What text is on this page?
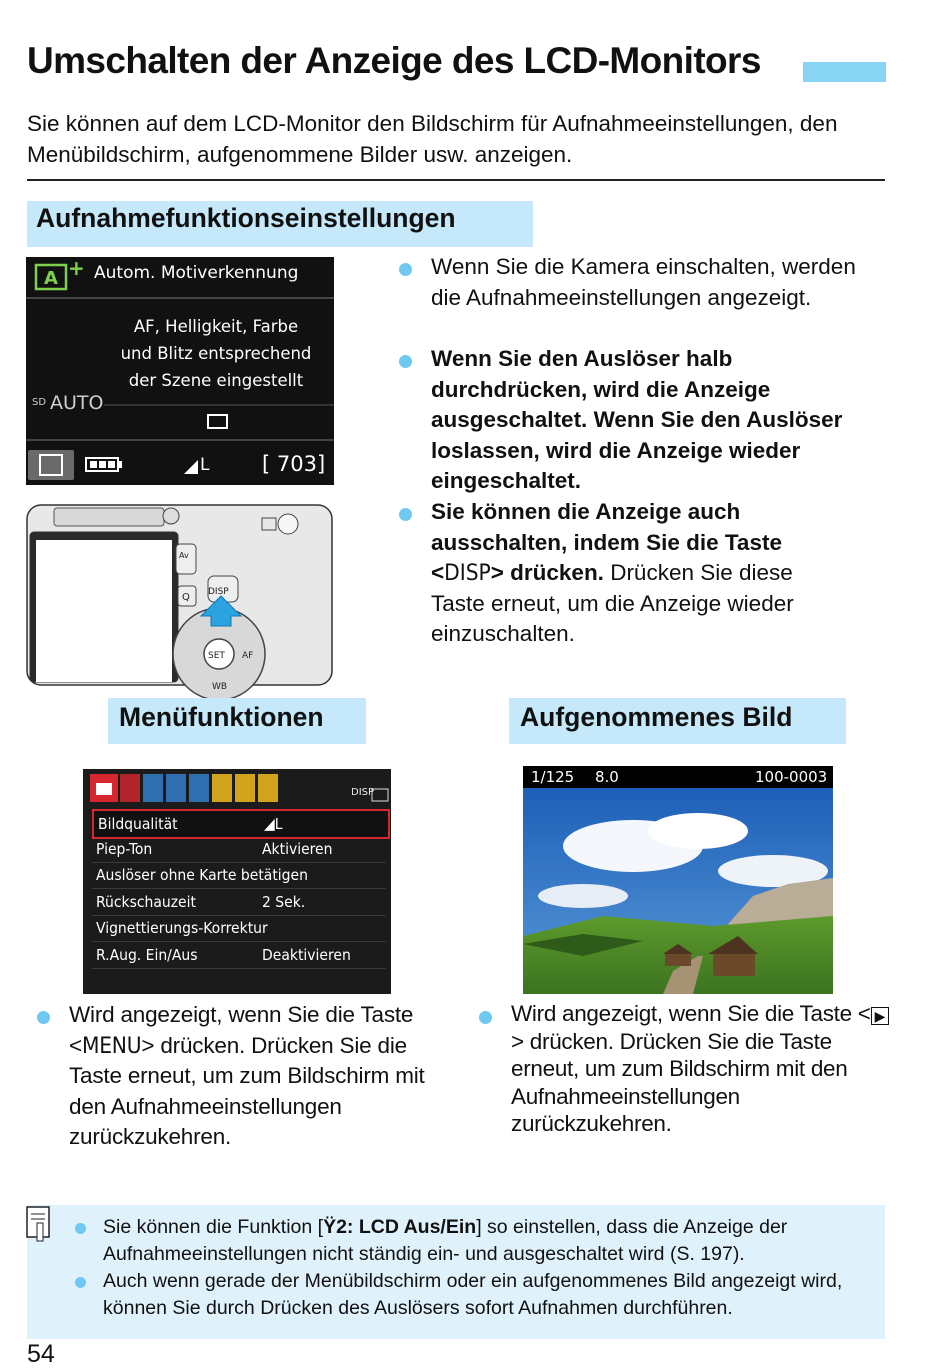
Umschalten der Anzeige des LCD-Monitors
Sie können auf dem LCD-Monitor den Bildschirm für Aufnahmeeinstellungen, den Menübildschirm, aufgenommene Bilder usw. anzeigen.
Aufnahmefunktionseinstellungen
A + Autom. Motiverkennung
AF, Helligkeit, Farbe
und Blitz entsprechend
der Szene eingestellt
SD AUTO
L	[ 703]
DISP
SET
WB
AF
Av
Q
Wenn Sie die Kamera einschalten, werden die Aufnahmeeinstellungen angezeigt.
Wenn Sie den Auslöser halb durchdrücken, wird die Anzeige ausgeschaltet. Wenn Sie den Auslöser loslassen, wird die Anzeige wieder eingeschaltet.
Sie können die Anzeige auch ausschalten, indem Sie die Taste <DISP> drücken. Drücken Sie diese Taste erneut, um die Anzeige wieder einzuschalten.
Menüfunktionen	Aufgenommenes Bild
DISP
Bildqualität	◢L
Piep-Ton	Aktivieren
Auslöser ohne Karte betätigen
Rückschauzeit	2 Sek.
Vignettierungs-Korrektur
R.Aug. Ein/Aus	Deaktivieren
1/125 8.0	100-0003
Wird angezeigt, wenn Sie die Taste <MENU> drücken. Drücken Sie die Taste erneut, um zum Bildschirm mit den Aufnahmeeinstellungen zurückzukehren.
Wird angezeigt, wenn Sie die Taste < ▶> drücken. Drücken Sie die Taste erneut, um zum Bildschirm mit den Aufnahmeeinstellungen zurückzukehren.
Sie können die Funktion [Ÿ2: LCD Aus/Ein] so einstellen, dass die Anzeige der Aufnahmeeinstellungen nicht ständig ein- und ausgeschaltet wird (S. 197).
Auch wenn gerade der Menübildschirm oder ein aufgenommenes Bild angezeigt wird, können Sie durch Drücken des Auslösers sofort Aufnahmen durchführen.
54
